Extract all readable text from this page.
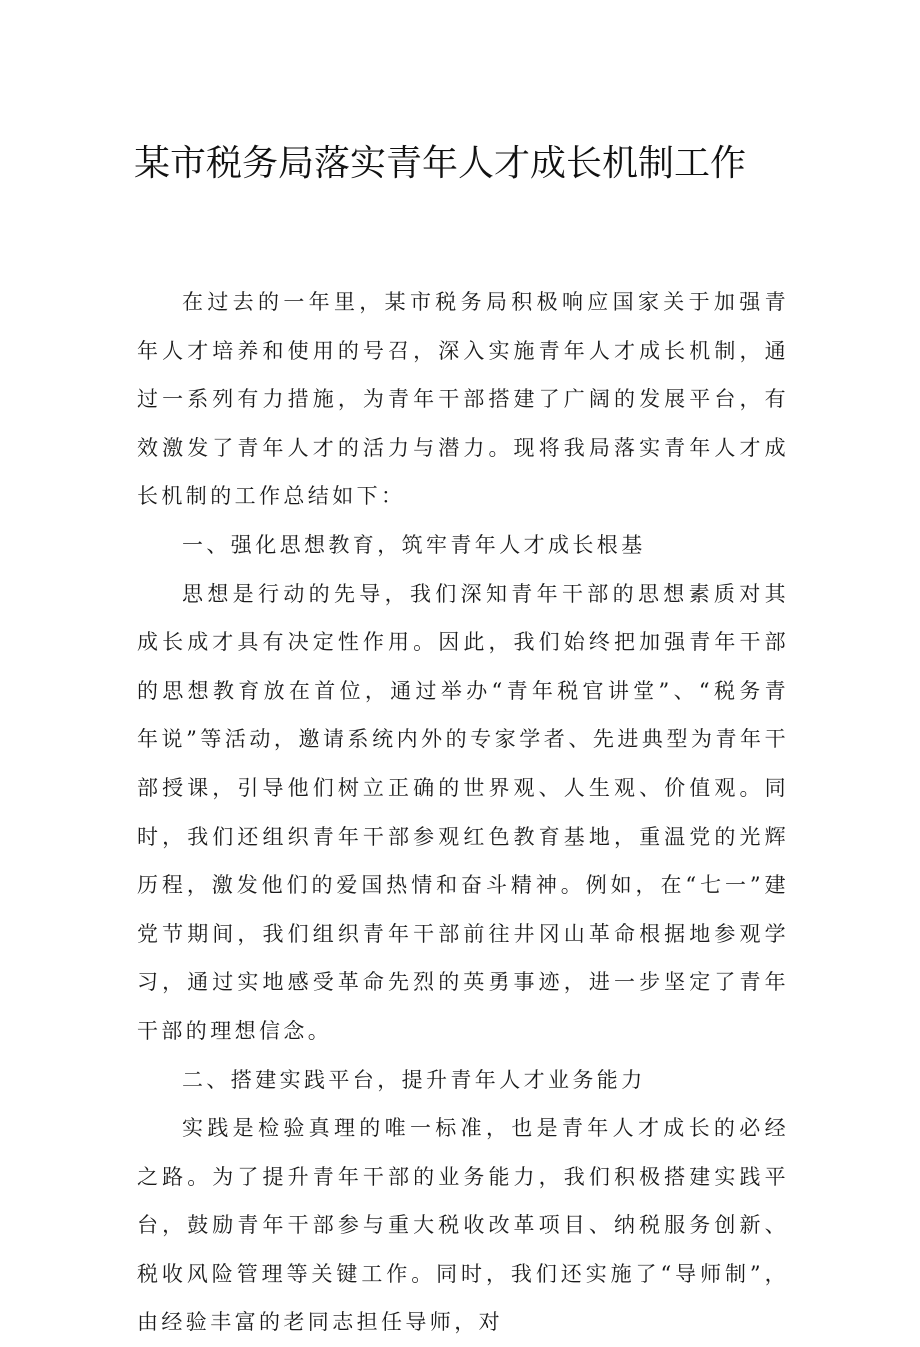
某市税务局落实青年人才成长机制工作

在过去的一年里，某市税务局积极响应国家关于加强青年人才培养和使用的号召，深入实施青年人才成长机制，通过一系列有力措施，为青年干部搭建了广阔的发展平台，有效激发了青年人才的活力与潜力。现将我局落实青年人才成长机制的工作总结如下：

一、强化思想教育，筑牢青年人才成长根基

思想是行动的先导，我们深知青年干部的思想素质对其成长成才具有决定性作用。因此，我们始终把加强青年干部的思想教育放在首位，通过举办“青年税官讲堂”、“税务青年说”等活动，邀请系统内外的专家学者、先进典型为青年干部授课，引导他们树立正确的世界观、人生观、价值观。同时，我们还组织青年干部参观红色教育基地，重温党的光辉历程，激发他们的爱国热情和奋斗精神。例如，在“七一”建党节期间，我们组织青年干部前往井冈山革命根据地参观学习，通过实地感受革命先烈的英勇事迹，进一步坚定了青年干部的理想信念。

二、搭建实践平台，提升青年人才业务能力

实践是检验真理的唯一标准，也是青年人才成长的必经之路。为了提升青年干部的业务能力，我们积极搭建实践平台，鼓励青年干部参与重大税收改革项目、纳税服务创新、税收风险管理等关键工作。同时，我们还实施了“导师制”，由经验丰富的老同志担任导师，对
